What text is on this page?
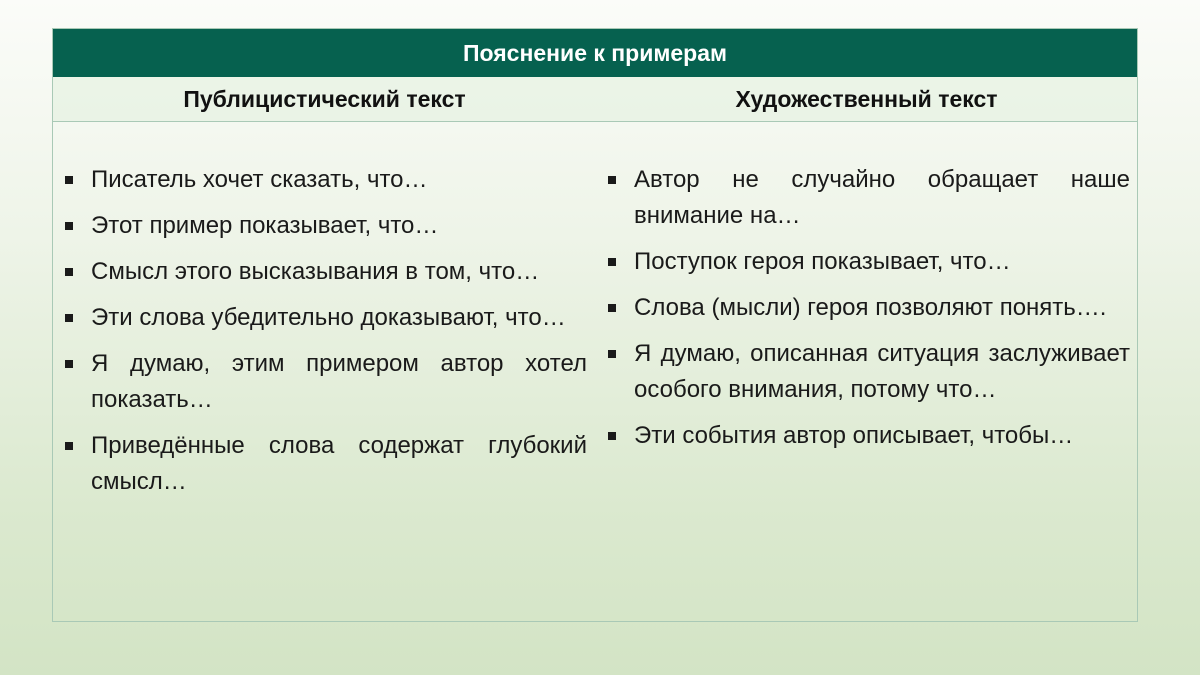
Пояснение к примерам
Публицистический текст	Художественный текст
Писатель хочет сказать, что…
Этот пример показывает, что…
Смысл этого высказывания в том, что…
Эти слова убедительно доказывают, что…
Я думаю, этим примером автор хотел показать…
Приведённые слова содержат глубокий смысл…
Автор не случайно обращает наше внимание на…
Поступок героя показывает, что…
Слова (мысли) героя позволяют понять….
Я думаю, описанная ситуация заслуживает особого внимания, потому что…
Эти события автор описывает, чтобы…
